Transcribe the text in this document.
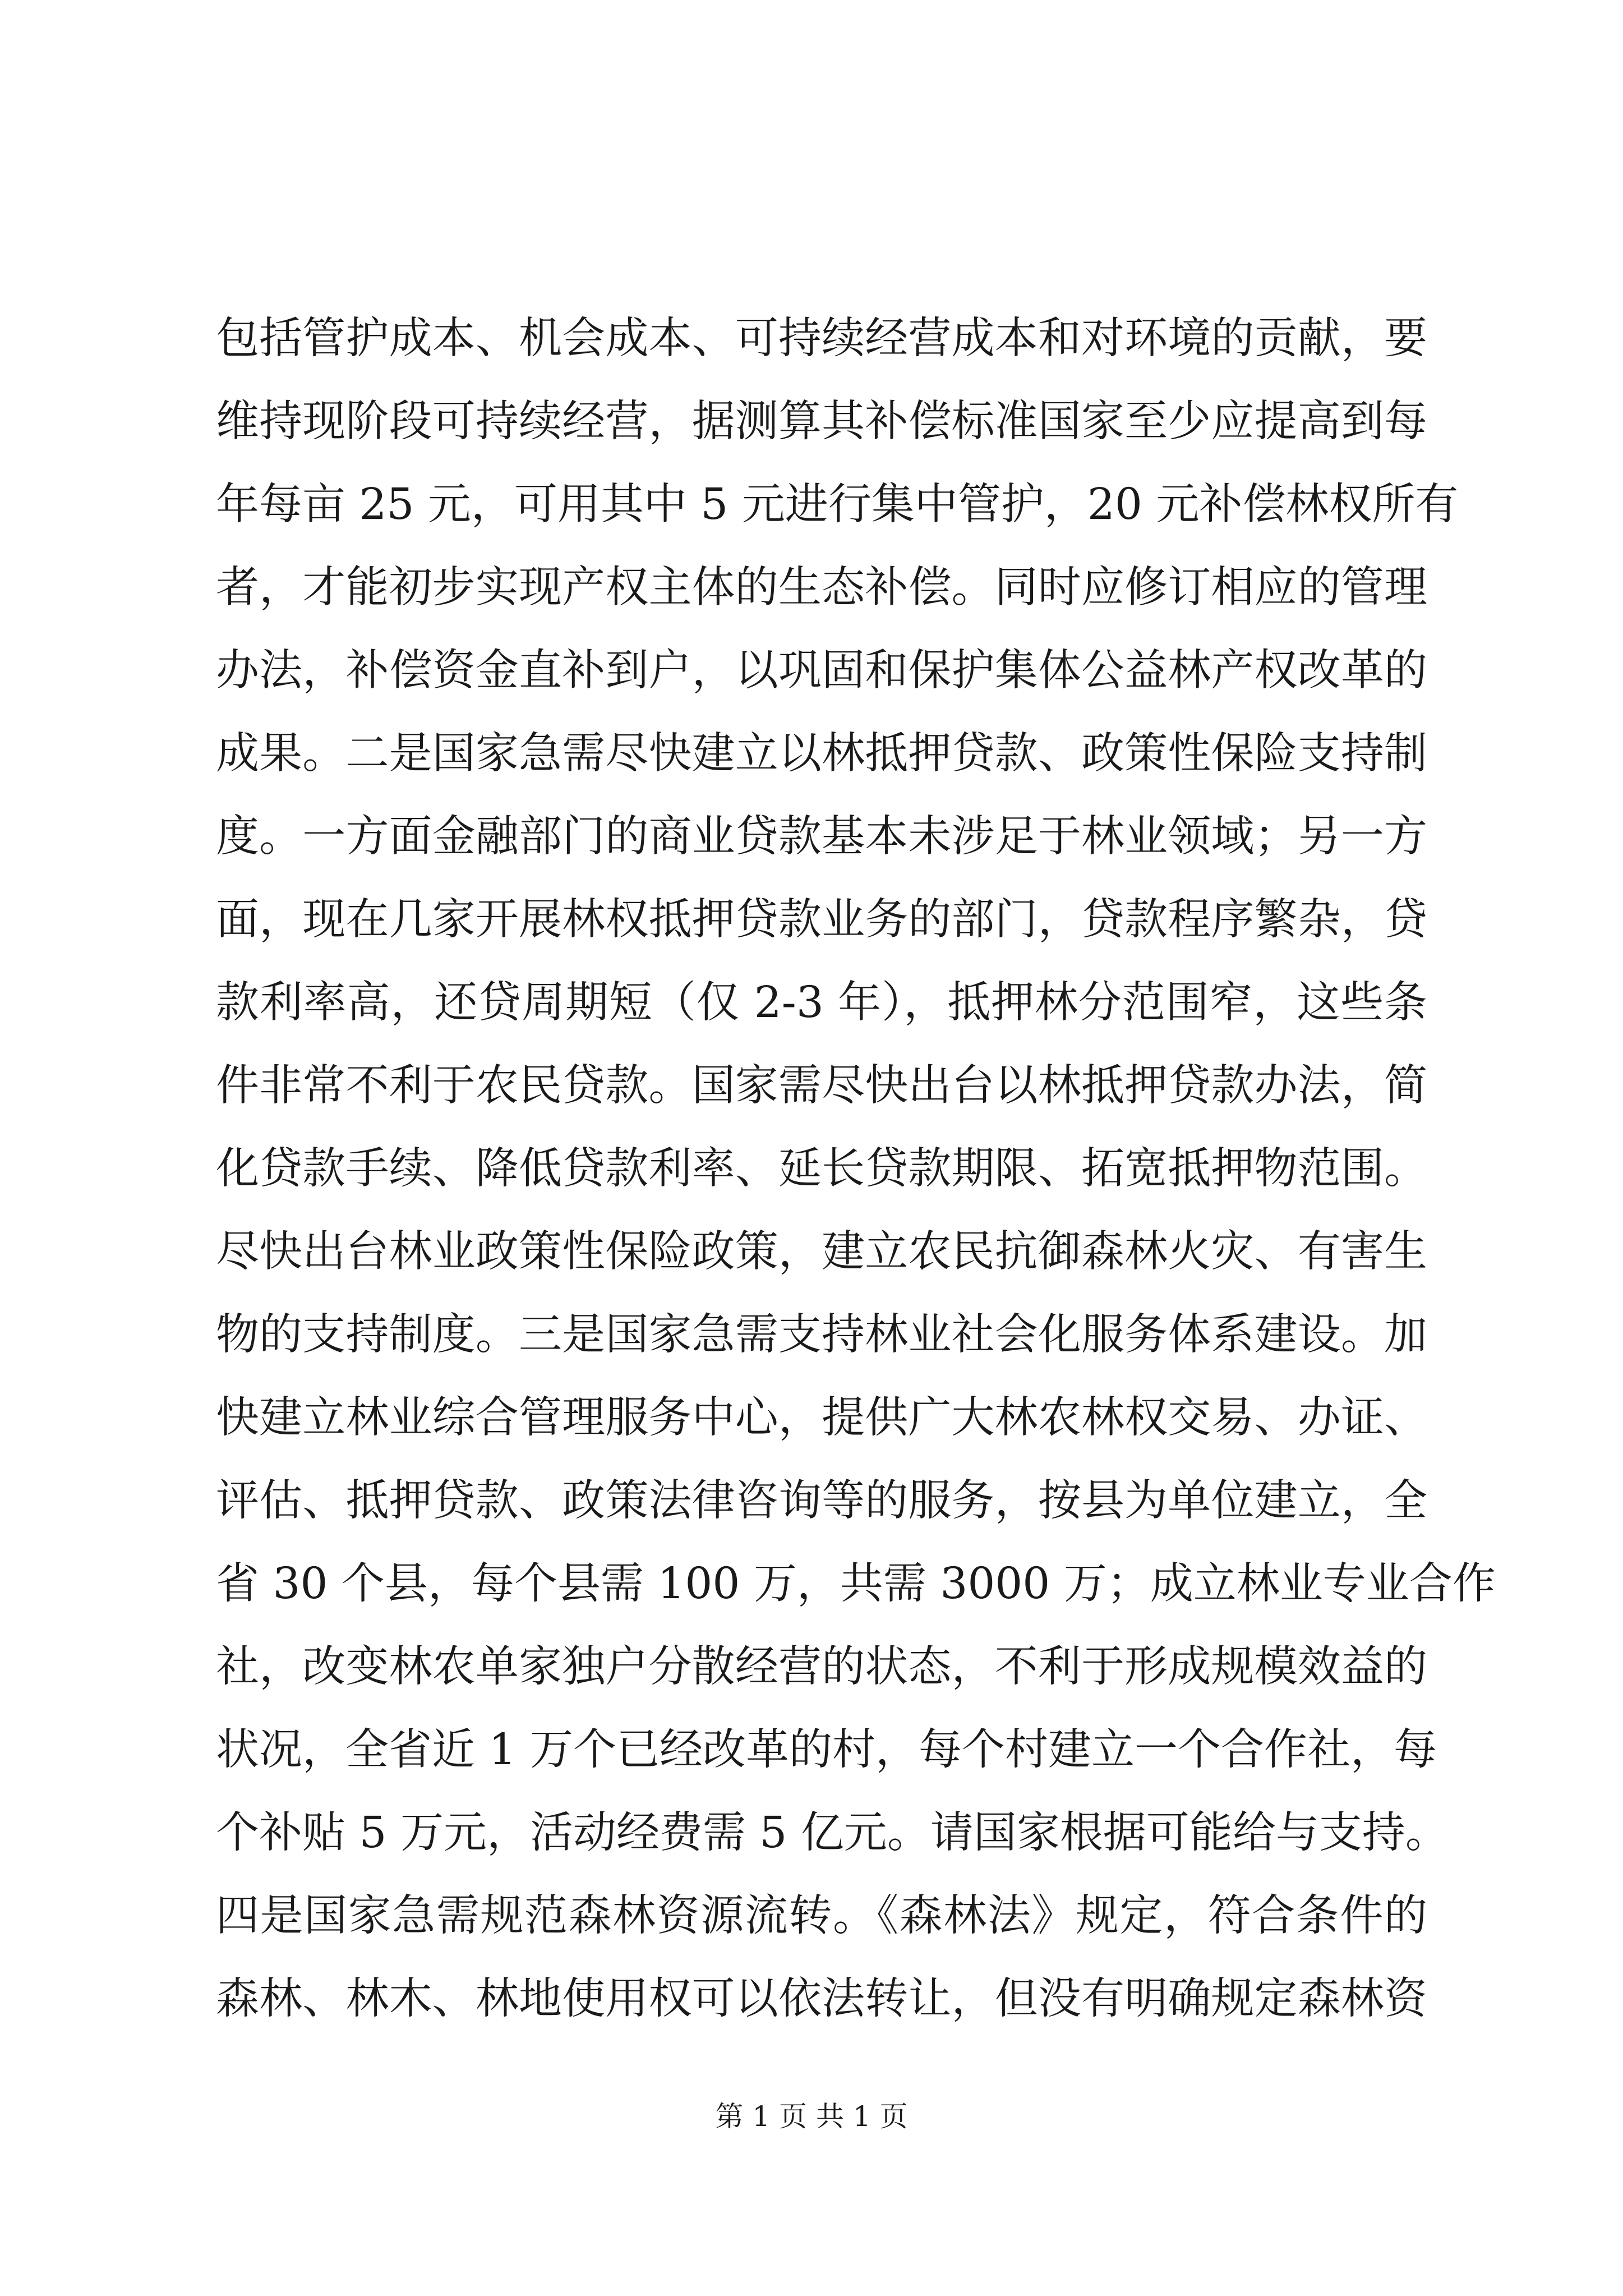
包括管护成本、机会成本、可持续经营成本和对环境的贡献，要
维持现阶段可持续经营，据测算其补偿标准国家至少应提高到每
年每亩 25 元，可用其中 5 元进行集中管护，20 元补偿林权所有
者，才能初步实现产权主体的生态补偿。同时应修订相应的管理
办法，补偿资金直补到户，以巩固和保护集体公益林产权改革的
成果。二是国家急需尽快建立以林抵押贷款、政策性保险支持制
度。一方面金融部门的商业贷款基本未涉足于林业领域；另一方
面，现在几家开展林权抵押贷款业务的部门，贷款程序繁杂，贷
款利率高，还贷周期短（仅 2-3 年），抵押林分范围窄，这些条
件非常不利于农民贷款。国家需尽快出台以林抵押贷款办法，简
化贷款手续、降低贷款利率、延长贷款期限、拓宽抵押物范围。
尽快出台林业政策性保险政策，建立农民抗御森林火灾、有害生
物的支持制度。三是国家急需支持林业社会化服务体系建设。加
快建立林业综合管理服务中心，提供广大林农林权交易、办证、
评估、抵押贷款、政策法律咨询等的服务，按县为单位建立，全
省 30 个县，每个县需 100 万，共需 3000 万；成立林业专业合作
社，改变林农单家独户分散经营的状态，不利于形成规模效益的
状况，全省近 1 万个已经改革的村，每个村建立一个合作社，每
个补贴 5 万元，活动经费需 5 亿元。请国家根据可能给与支持。
四是国家急需规范森林资源流转。《森林法》规定，符合条件的
森林、林木、林地使用权可以依法转让，但没有明确规定森林资
第 1 页 共 1 页
